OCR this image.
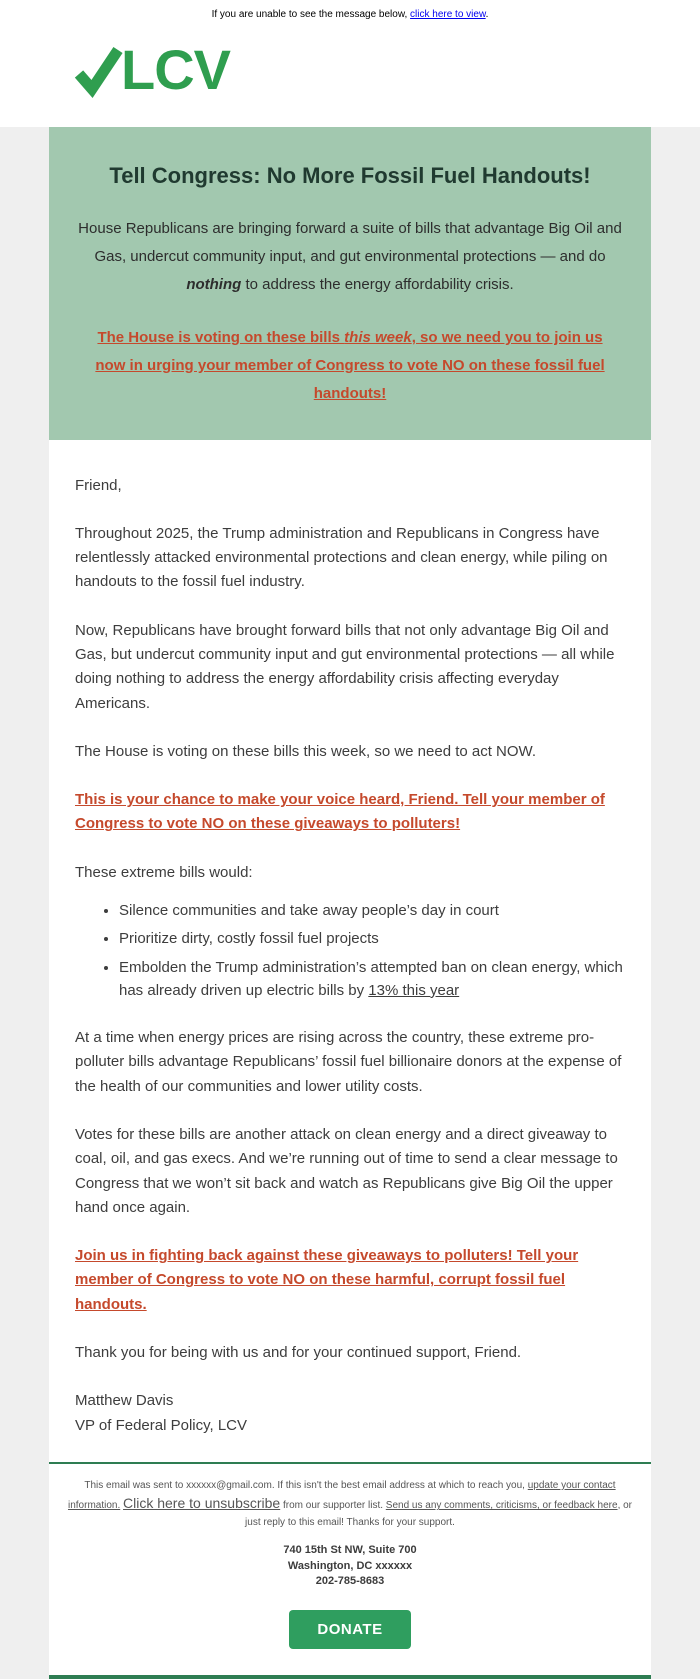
If you are unable to see the message below, click here to view.
LCV
Tell Congress: No More Fossil Fuel Handouts!

House Republicans are bringing forward a suite of bills that advantage Big Oil and Gas, undercut community input, and gut environmental protections — and do nothing to address the energy affordability crisis.

The House is voting on these bills this week, so we need you to join us now in urging your member of Congress to vote NO on these fossil fuel handouts!

Friend,

Throughout 2025, the Trump administration and Republicans in Congress have relentlessly attacked environmental protections and clean energy, while piling on handouts to the fossil fuel industry.

Now, Republicans have brought forward bills that not only advantage Big Oil and Gas, but undercut community input and gut environmental protections — all while doing nothing to address the energy affordability crisis affecting everyday Americans.

The House is voting on these bills this week, so we need to act NOW.

This is your chance to make your voice heard, Friend. Tell your member of Congress to vote NO on these giveaways to polluters!

These extreme bills would:

• Silence communities and take away people’s day in court
• Prioritize dirty, costly fossil fuel projects
• Embolden the Trump administration’s attempted ban on clean energy, which has already driven up electric bills by 13% this year

At a time when energy prices are rising across the country, these extreme pro-polluter bills advantage Republicans’ fossil fuel billionaire donors at the expense of the health of our communities and lower utility costs.

Votes for these bills are another attack on clean energy and a direct giveaway to coal, oil, and gas execs. And we’re running out of time to send a clear message to Congress that we won’t sit back and watch as Republicans give Big Oil the upper hand once again.

Join us in fighting back against these giveaways to polluters! Tell your member of Congress to vote NO on these harmful, corrupt fossil fuel handouts.

Thank you for being with us and for your continued support, Friend.

Matthew Davis
VP of Federal Policy, LCV

This email was sent to xxxxxx@gmail.com. If this isn't the best email address at which to reach you, update your contact information. Click here to unsubscribe from our supporter list. Send us any comments, criticisms, or feedback here, or just reply to this email! Thanks for your support.

740 15th St NW, Suite 700
Washington, DC xxxxxx
202-785-8683
DONATE
